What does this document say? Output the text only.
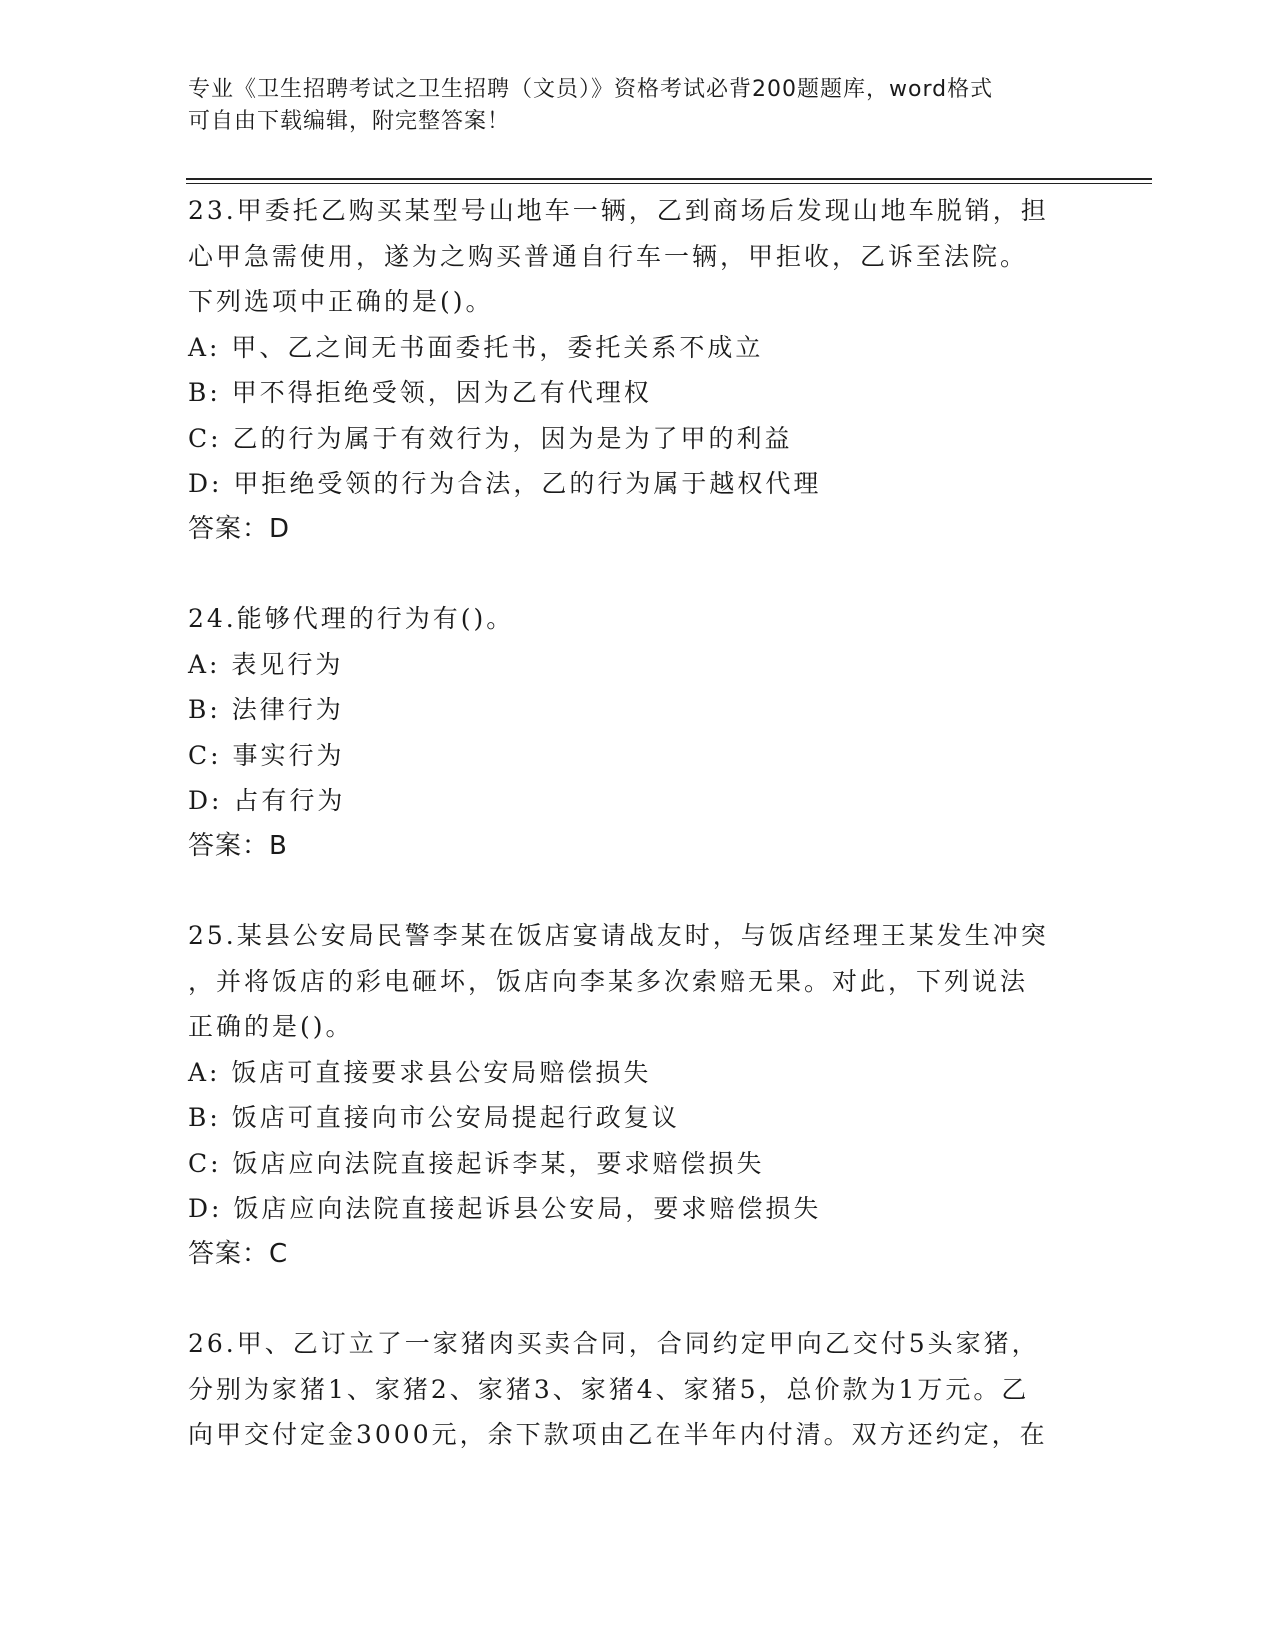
专业《卫生招聘考试之卫生招聘（文员）》资格考试必背200题题库，word格式
可自由下载编辑，附完整答案！
23.甲委托乙购买某型号山地车一辆，乙到商场后发现山地车脱销，担
心甲急需使用，遂为之购买普通自行车一辆，甲拒收，乙诉至法院。
下列选项中正确的是()。
A: 甲、乙之间无书面委托书，委托关系不成立
B: 甲不得拒绝受领，因为乙有代理权
C: 乙的行为属于有效行为，因为是为了甲的利益
D: 甲拒绝受领的行为合法，乙的行为属于越权代理
答案：D
24.能够代理的行为有()。
A: 表见行为
B: 法律行为
C: 事实行为
D: 占有行为
答案：B
25.某县公安局民警李某在饭店宴请战友时，与饭店经理王某发生冲突
，并将饭店的彩电砸坏，饭店向李某多次索赔无果。对此，下列说法
正确的是()。
A: 饭店可直接要求县公安局赔偿损失
B: 饭店可直接向市公安局提起行政复议
C: 饭店应向法院直接起诉李某，要求赔偿损失
D: 饭店应向法院直接起诉县公安局，要求赔偿损失
答案：C
26.甲、乙订立了一家猪肉买卖合同，合同约定甲向乙交付5头家猪，
分别为家猪1、家猪2、家猪3、家猪4、家猪5，总价款为1万元。乙
向甲交付定金3000元，余下款项由乙在半年内付清。双方还约定，在
